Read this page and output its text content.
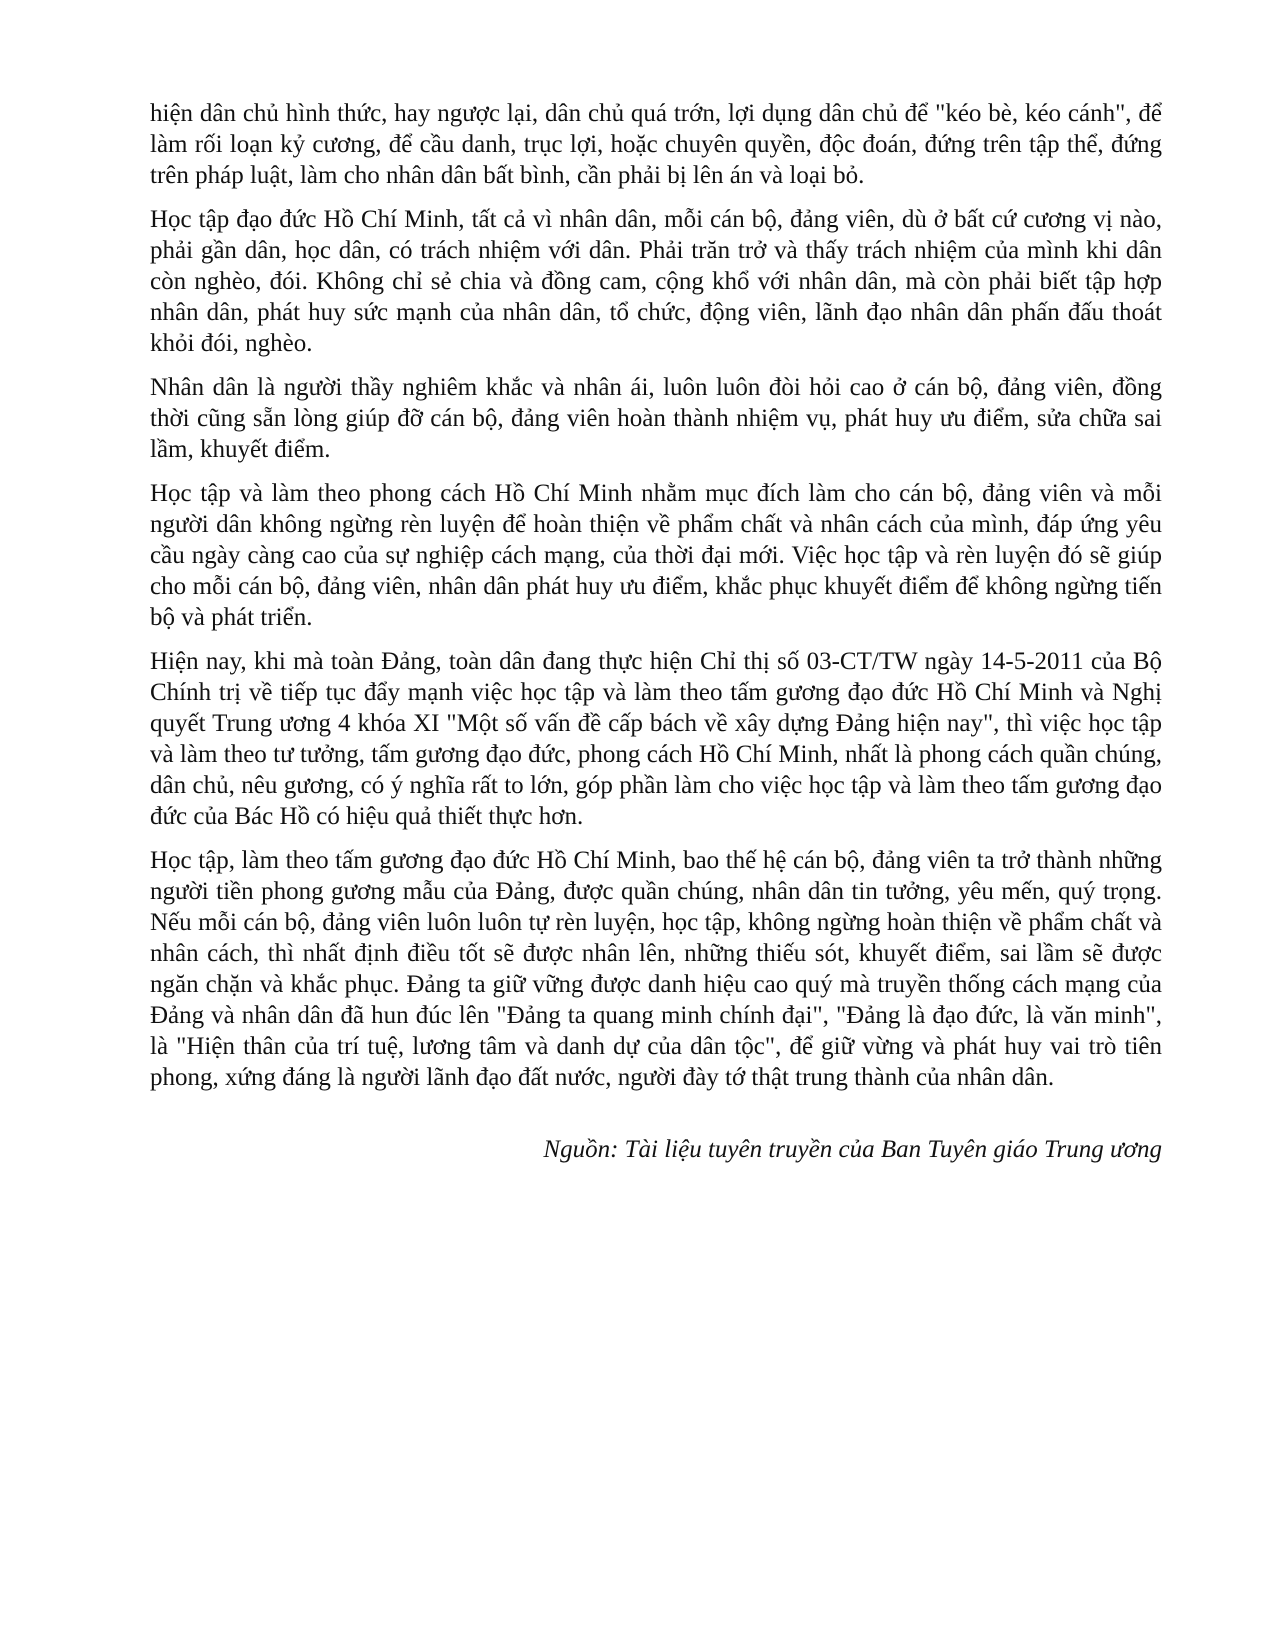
hiện dân chủ hình thức, hay ngược lại, dân chủ quá trớn, lợi dụng dân chủ để "kéo bè, kéo cánh", để làm rối loạn kỷ cương, để cầu danh, trục lợi, hoặc chuyên quyền, độc đoán, đứng trên tập thể, đứng trên pháp luật, làm cho nhân dân bất bình, cần phải bị lên án và loại bỏ.

Học tập đạo đức Hồ Chí Minh, tất cả vì nhân dân, mỗi cán bộ, đảng viên, dù ở bất cứ cương vị nào, phải gần dân, học dân, có trách nhiệm với dân. Phải trăn trở và thấy trách nhiệm của mình khi dân còn nghèo, đói. Không chỉ sẻ chia và đồng cam, cộng khổ với nhân dân, mà còn phải biết tập hợp nhân dân, phát huy sức mạnh của nhân dân, tổ chức, động viên, lãnh đạo nhân dân phấn đấu thoát khỏi đói, nghèo.

Nhân dân là người thầy nghiêm khắc và nhân ái, luôn luôn đòi hỏi cao ở cán bộ, đảng viên, đồng thời cũng sẵn lòng giúp đỡ cán bộ, đảng viên hoàn thành nhiệm vụ, phát huy ưu điểm, sửa chữa sai lầm, khuyết điểm.

Học tập và làm theo phong cách Hồ Chí Minh nhằm mục đích làm cho cán bộ, đảng viên và mỗi người dân không ngừng rèn luyện để hoàn thiện về phẩm chất và nhân cách của mình, đáp ứng yêu cầu ngày càng cao của sự nghiệp cách mạng, của thời đại mới. Việc học tập và rèn luyện đó sẽ giúp cho mỗi cán bộ, đảng viên, nhân dân phát huy ưu điểm, khắc phục khuyết điểm để không ngừng tiến bộ và phát triển.

Hiện nay, khi mà toàn Đảng, toàn dân đang thực hiện Chỉ thị số 03-CT/TW ngày 14-5-2011 của Bộ Chính trị về tiếp tục đẩy mạnh việc học tập và làm theo tấm gương đạo đức Hồ Chí Minh và Nghị quyết Trung ương 4 khóa XI "Một số vấn đề cấp bách về xây dựng Đảng hiện nay", thì việc học tập và làm theo tư tưởng, tấm gương đạo đức, phong cách Hồ Chí Minh, nhất là phong cách quần chúng, dân chủ, nêu gương, có ý nghĩa rất to lớn, góp phần làm cho việc học tập và làm theo tấm gương đạo đức của Bác Hồ có hiệu quả thiết thực hơn.

Học tập, làm theo tấm gương đạo đức Hồ Chí Minh, bao thế hệ cán bộ, đảng viên ta trở thành những người tiền phong gương mẫu của Đảng, được quần chúng, nhân dân tin tưởng, yêu mến, quý trọng. Nếu mỗi cán bộ, đảng viên luôn luôn tự rèn luyện, học tập, không ngừng hoàn thiện về phẩm chất và nhân cách, thì nhất định điều tốt sẽ được nhân lên, những thiếu sót, khuyết điểm, sai lầm sẽ được ngăn chặn và khắc phục. Đảng ta giữ vững được danh hiệu cao quý mà truyền thống cách mạng của Đảng và nhân dân đã hun đúc lên "Đảng ta quang minh chính đại", "Đảng là đạo đức, là văn minh", là "Hiện thân của trí tuệ, lương tâm và danh dự của dân tộc", để giữ vừng và phát huy vai trò tiên phong, xứng đáng là người lãnh đạo đất nước, người đày tớ thật trung thành của nhân dân.

Nguồn: Tài liệu tuyên truyền của Ban Tuyên giáo Trung ương
